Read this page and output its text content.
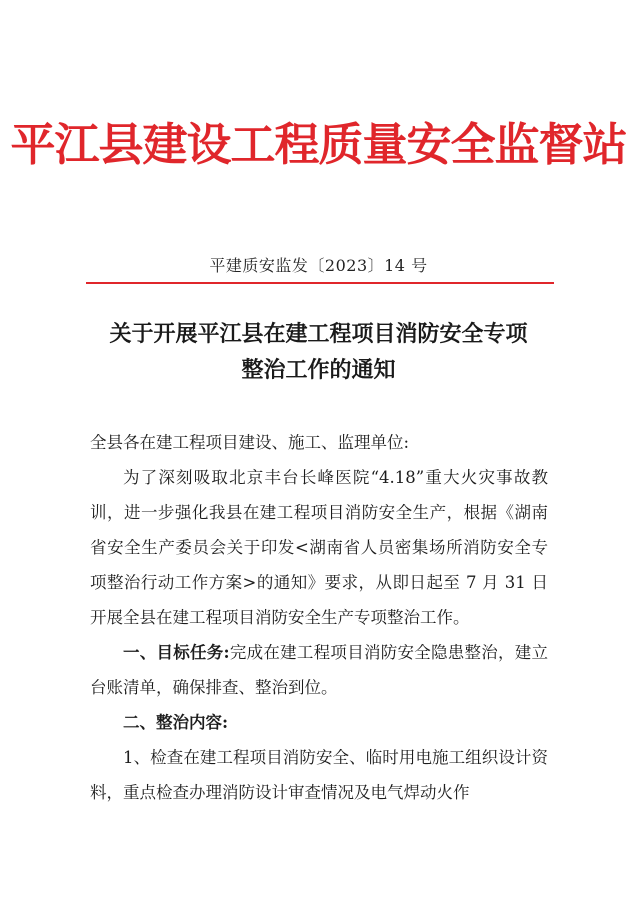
平江县建设工程质量安全监督站
平建质安监发〔2023〕14 号
关于开展平江县在建工程项目消防安全专项
整治工作的通知

全县各在建工程项目建设、施工、监理单位:

为了深刻吸取北京丰台长峰医院“4.18”重大火灾事故教训，进一步强化我县在建工程项目消防安全生产，根据《湖南省安全生产委员会关于印发<湖南省人员密集场所消防安全专项整治行动工作方案>的通知》要求，从即日起至 7 月 31 日开展全县在建工程项目消防安全生产专项整治工作。

一、目标任务:完成在建工程项目消防安全隐患整治，建立台账清单，确保排查、整治到位。

二、整治内容:

1、检查在建工程项目消防安全、临时用电施工组织设计资料，重点检查办理消防设计审查情况及电气焊动火作
